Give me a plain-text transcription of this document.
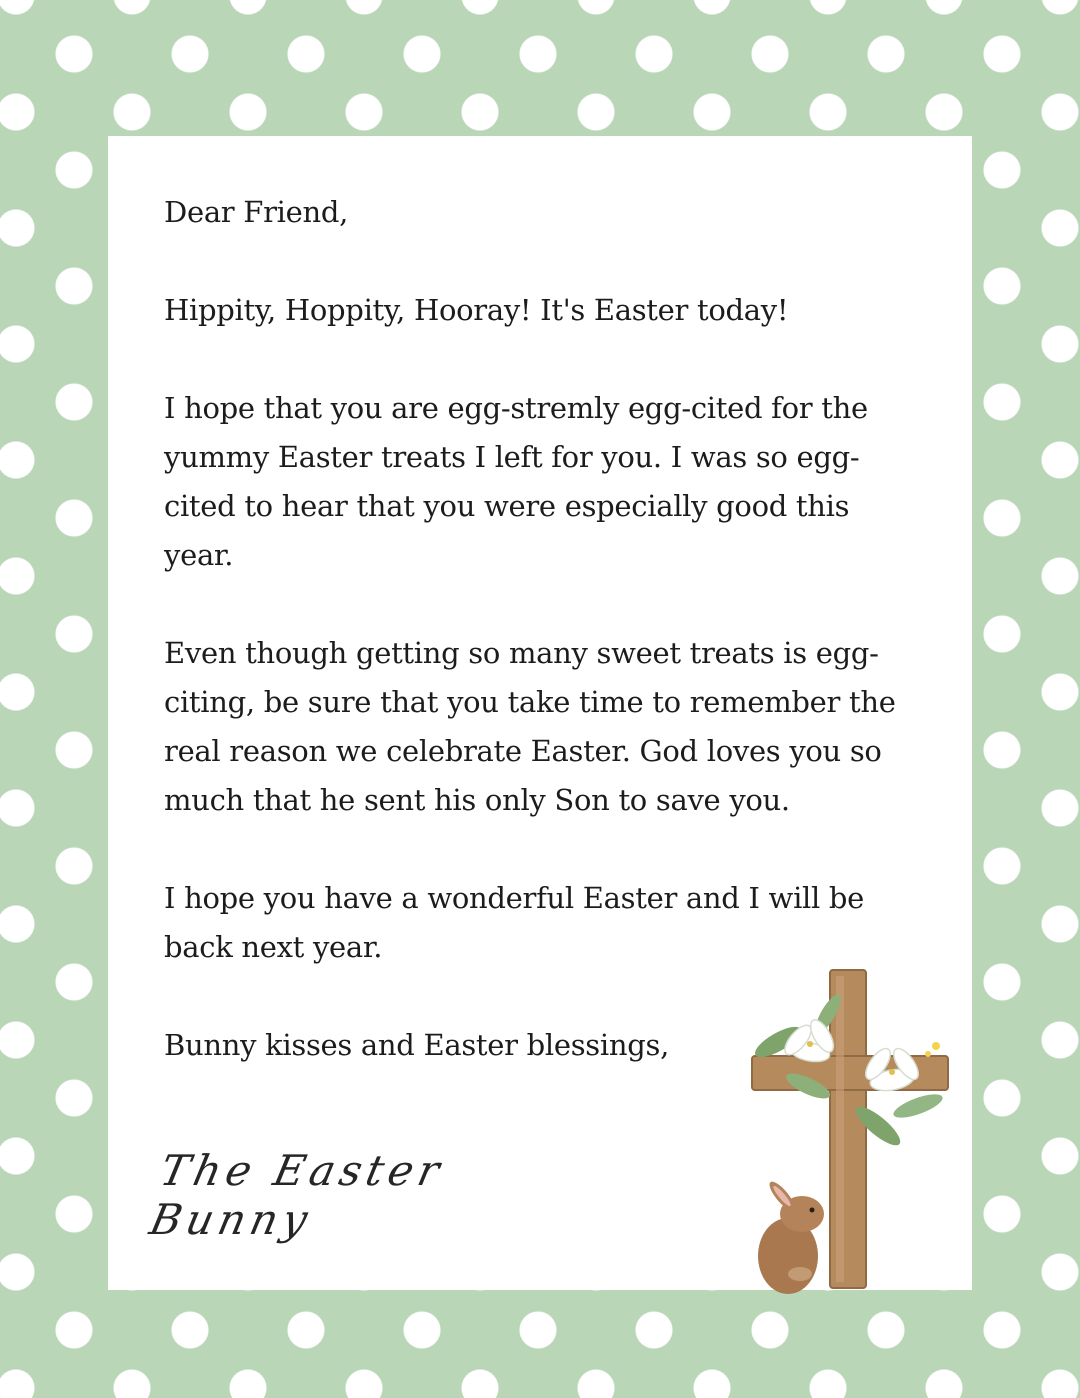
Dear Friend,

Hippity, Hoppity, Hooray! It's Easter today!

I hope that you are egg-stremly egg-cited for the yummy Easter treats I left for you. I was so egg-cited to hear that you were especially good this year.

Even though getting so many sweet treats is egg-citing, be sure that you take time to remember the real reason we celebrate Easter. God loves you so much that he sent his only Son to save you.

I hope you have a wonderful Easter and I will be back next year.

Bunny kisses and Easter blessings,

The Easter Bunny
